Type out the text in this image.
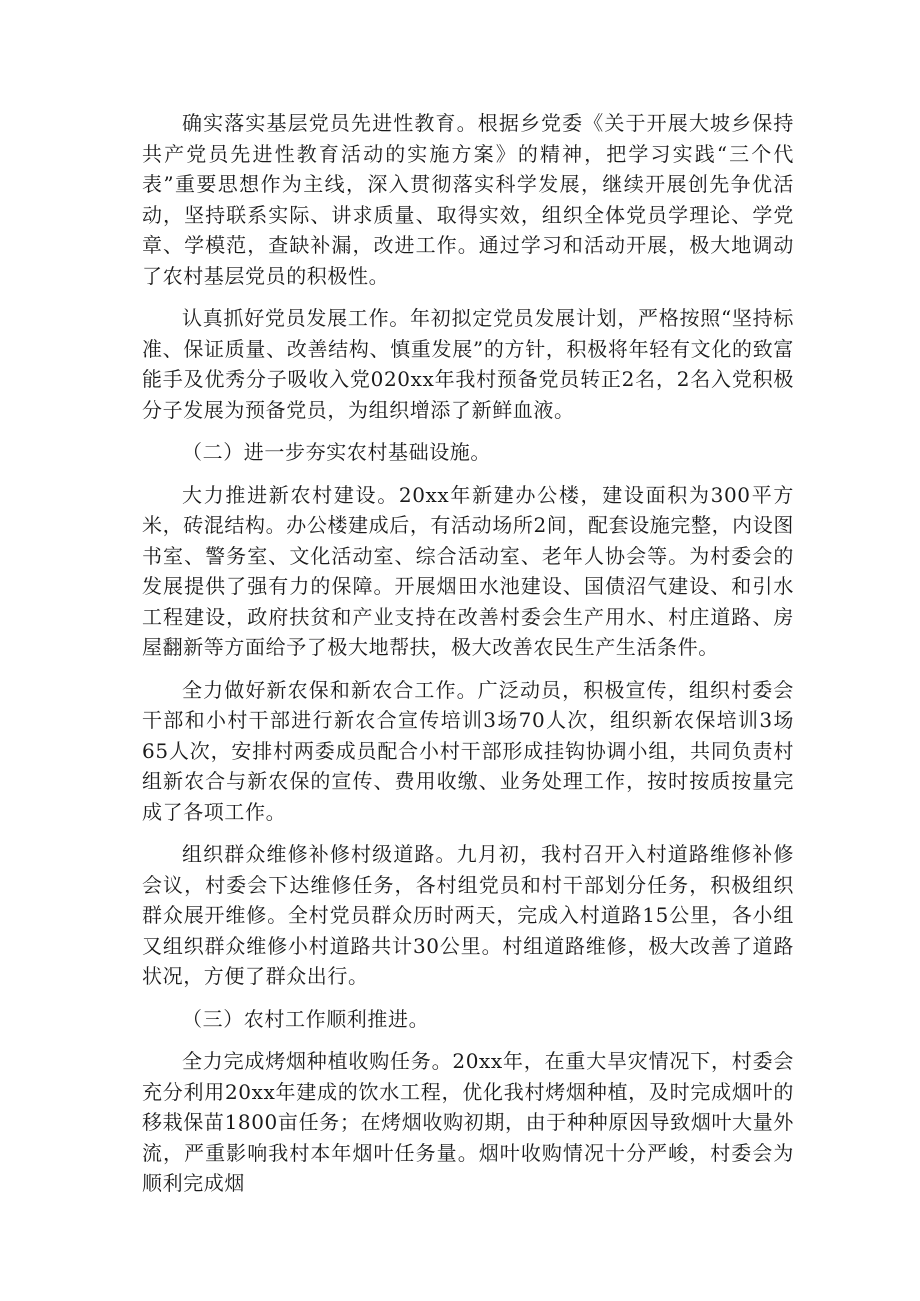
确实落实基层党员先进性教育。根据乡党委《关于开展大坡乡保持共产党员先进性教育活动的实施方案》的精神，把学习实践“三个代表”重要思想作为主线，深入贯彻落实科学发展，继续开展创先争优活动，坚持联系实际、讲求质量、取得实效，组织全体党员学理论、学党章、学模范，查缺补漏，改进工作。通过学习和活动开展，极大地调动了农村基层党员的积极性。

认真抓好党员发展工作。年初拟定党员发展计划，严格按照“坚持标准、保证质量、改善结构、慎重发展”的方针，积极将年轻有文化的致富能手及优秀分子吸收入党020xx年我村预备党员转正2名，2名入党积极分子发展为预备党员，为组织增添了新鲜血液。

（二）进一步夯实农村基础设施。

大力推进新农村建设。20xx年新建办公楼，建设面积为300平方米，砖混结构。办公楼建成后，有活动场所2间，配套设施完整，内设图书室、警务室、文化活动室、综合活动室、老年人协会等。为村委会的发展提供了强有力的保障。开展烟田水池建设、国债沼气建设、和引水工程建设，政府扶贫和产业支持在改善村委会生产用水、村庄道路、房屋翻新等方面给予了极大地帮扶，极大改善农民生产生活条件。

全力做好新农保和新农合工作。广泛动员，积极宣传，组织村委会干部和小村干部进行新农合宣传培训3场70人次，组织新农保培训3场65人次，安排村两委成员配合小村干部形成挂钩协调小组，共同负责村组新农合与新农保的宣传、费用收缴、业务处理工作，按时按质按量完成了各项工作。

组织群众维修补修村级道路。九月初，我村召开入村道路维修补修会议，村委会下达维修任务，各村组党员和村干部划分任务，积极组织群众展开维修。全村党员群众历时两天，完成入村道路15公里，各小组又组织群众维修小村道路共计30公里。村组道路维修，极大改善了道路状况，方便了群众出行。

（三）农村工作顺利推进。

全力完成烤烟种植收购任务。20xx年，在重大旱灾情况下，村委会充分利用20xx年建成的饮水工程，优化我村烤烟种植，及时完成烟叶的移栽保苗1800亩任务；在烤烟收购初期，由于种种原因导致烟叶大量外流，严重影响我村本年烟叶任务量。烟叶收购情况十分严峻，村委会为顺利完成烟
